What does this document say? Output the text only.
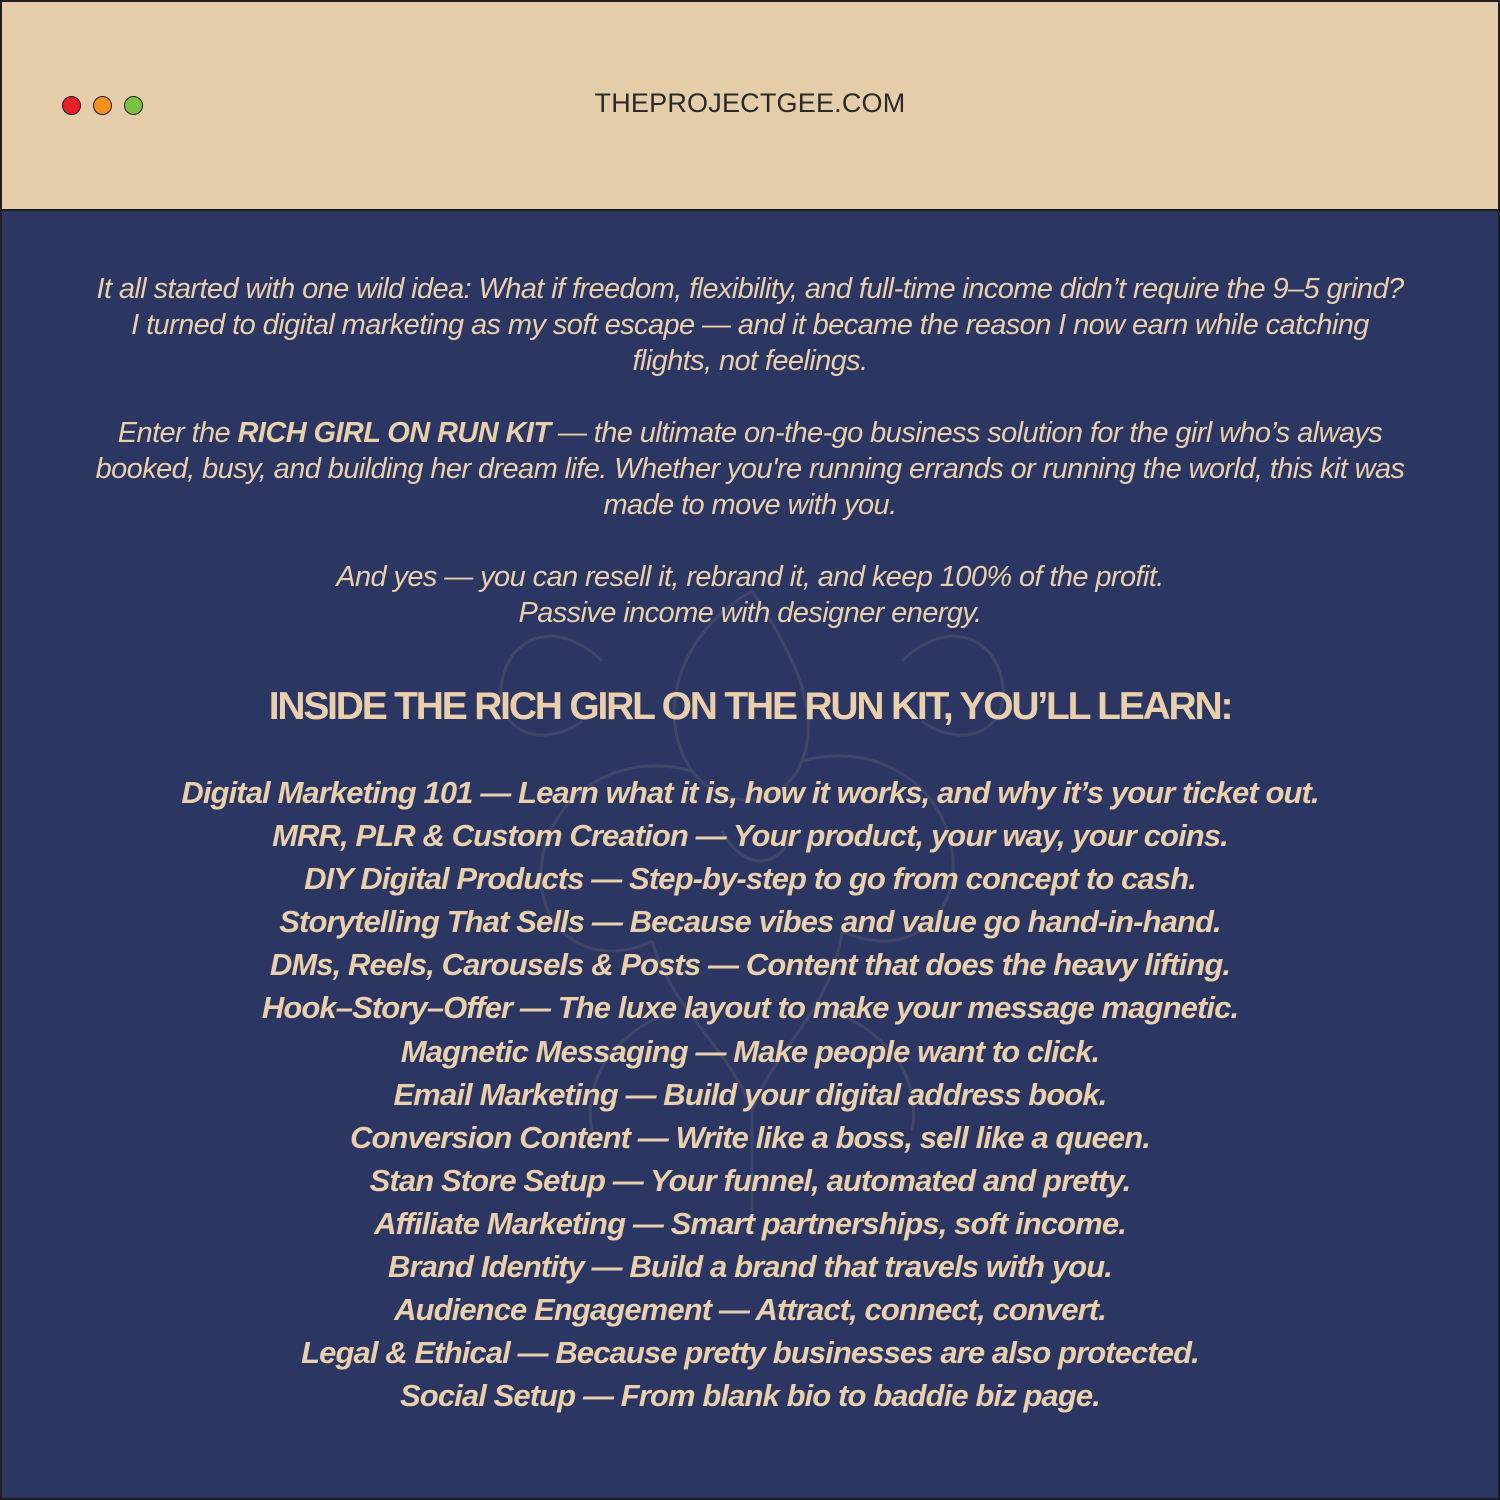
THEPROJECTGEE.COM
It all started with one wild idea: What if freedom, flexibility, and full-time income didn’t require the 9–5 grind? I turned to digital marketing as my soft escape — and it became the reason I now earn while catching flights, not feelings.
Enter the RICH GIRL ON RUN KIT — the ultimate on-the-go business solution for the girl who’s always booked, busy, and building her dream life. Whether you're running errands or running the world, this kit was made to move with you.
And yes — you can resell it, rebrand it, and keep 100% of the profit.
Passive income with designer energy.
INSIDE THE RICH GIRL ON THE RUN KIT, YOU’LL LEARN:
Digital Marketing 101 — Learn what it is, how it works, and why it’s your ticket out.
MRR, PLR & Custom Creation — Your product, your way, your coins.
DIY Digital Products — Step-by-step to go from concept to cash.
Storytelling That Sells — Because vibes and value go hand-in-hand.
DMs, Reels, Carousels & Posts — Content that does the heavy lifting.
Hook–Story–Offer — The luxe layout to make your message magnetic.
Magnetic Messaging — Make people want to click.
Email Marketing — Build your digital address book.
Conversion Content — Write like a boss, sell like a queen.
Stan Store Setup — Your funnel, automated and pretty.
Affiliate Marketing — Smart partnerships, soft income.
Brand Identity — Build a brand that travels with you.
Audience Engagement — Attract, connect, convert.
Legal & Ethical — Because pretty businesses are also protected.
Social Setup — From blank bio to baddie biz page.
